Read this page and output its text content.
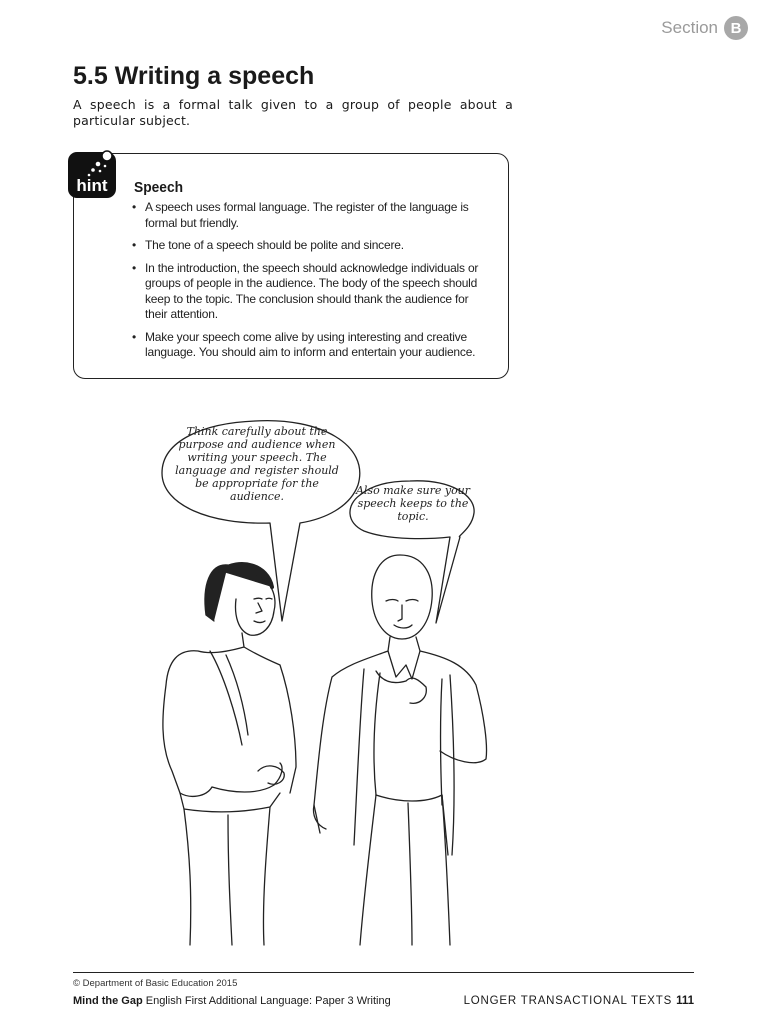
Section B
5.5 Writing a speech

A speech is a formal talk given to a group of people about a particular subject.

hint Speech
• A speech uses formal language. The register of the language is formal but friendly.
• The tone of a speech should be polite and sincere.
• In the introduction, the speech should acknowledge individuals or groups of people in the audience. The body of the speech should keep to the topic. The conclusion should thank the audience for their attention.
• Make your speech come alive by using interesting and creative language. You should aim to inform and entertain your audience.
Think carefully about the purpose and audience when writing your speech. The language and register should be appropriate for the audience.	Also make sure your speech keeps to the topic.
© Department of Basic Education 2015
Mind the Gap English First Additional Language: Paper 3 Writing	LONGER TRANSACTIONAL TEXTS 111
